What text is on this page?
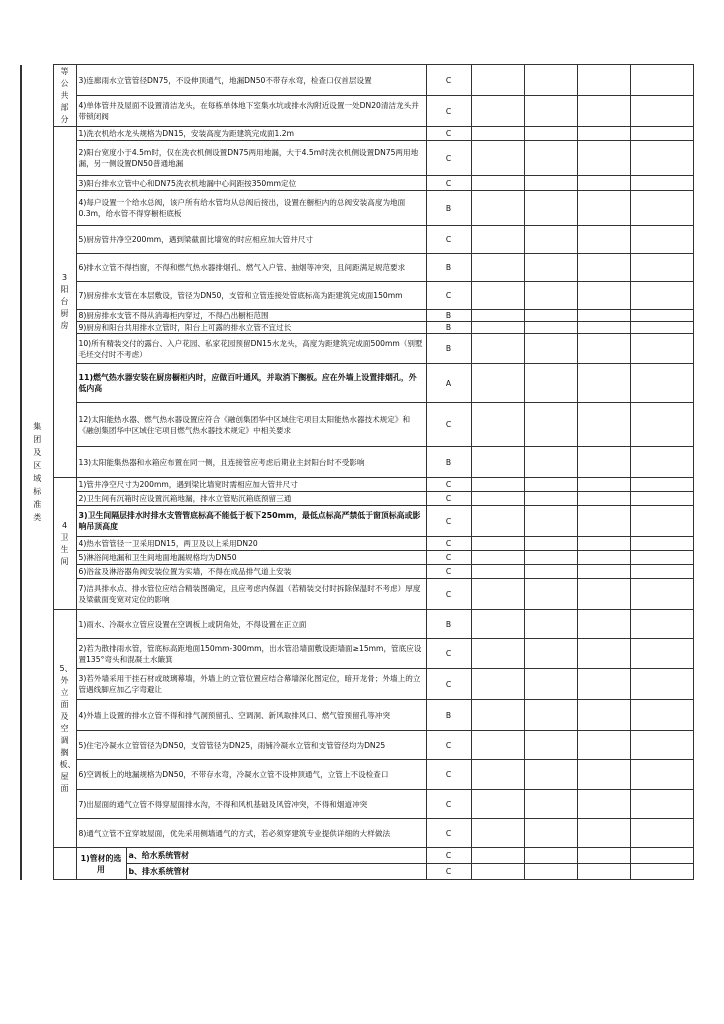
集团及区域标准类	等公共部分	3)连廊雨水立管管径DN75，不设伸顶通气，地漏DN50不带存水弯，检查口仅首层设置		C				
		4)单体管井及屋面不设置清洁龙头，在每栋单体地下室集水坑或排水沟附近设置一处DN20清洁龙头并带锁闭阀		C				

	3阳台厨房	1)洗衣机给水龙头规格为DN15，安装高度为距建筑完成面1.2m		C				
		2)阳台宽度小于4.5m时，仅在洗衣机侧设置DN75两用地漏，大于4.5m时洗衣机侧设置DN75两用地漏，另一侧设置DN50普通地漏		C				
		3)阳台排水立管中心和DN75洗衣机地漏中心间距按350mm定位		C				
		4)每户设置一个给水总阀，该户所有给水管均从总阀后接出，设置在橱柜内的总阀安装高度为地面0.3m，给水管不得穿橱柜底板		B				
		5)厨房管井净空200mm，遇到梁截面比墙宽的时应相应加大管井尺寸		C				
		6)排水立管不得挡窗，不得和燃气热水器排烟孔、燃气入户管、抽烟等冲突，且间距满足规范要求		B				
		7)厨房排水支管在本层敷设，管径为DN50，支管和立管连接处管底标高为距建筑完成面150mm		C				
		8)厨房排水支管不得从消毒柜内穿过，不得凸出橱柜范围		B				
		9)厨房和阳台共用排水立管时，阳台上可露的排水立管不宜过长		B				
		10)所有精装交付的露台、入户花园、私家花园预留DN15水龙头，高度为距建筑完成面500mm（别墅毛坯交付时不考虑）		B				
		11)燃气热水器安装在厨房橱柜内时，应做百叶通风，并取消下搁板。应在外墙上设置排烟孔，外低内高		A				
		12)太阳能热水器、燃气热水器设置应符合《融创集团华中区域住宅项目太阳能热水器技术规定》和《融创集团华中区域住宅项目燃气热水器技术规定》中相关要求		C				
		13)太阳能集热器和水箱应布置在同一侧，且连接管应考虑后期业主封阳台时不受影响		B				

	4卫生间	1)管井净空尺寸为200mm，遇到梁比墙宽时需相应加大管井尺寸		C				
		2)卫生间有沉箱时应设置沉箱地漏，排水立管贴沉箱底预留三通		C				
		3)卫生间隔层排水时排水支管管底标高不能低于板下250mm，最低点标高严禁低于窗顶标高或影响吊顶高度		C				
		4)热水管管径一卫采用DN15，两卫及以上采用DN20		C				
		5)淋浴间地漏和卫生间地面地漏规格均为DN50		C				
		6)浴盆及淋浴器角阀安装位置为实墙，不得在成品排气道上安装		C				
		7)洁具排水点、排水管位应结合精装图确定，且应考虑内保温（若精装交付时拆除保温时不考虑）厚度及梁截面变宽对定位的影响		C				

	5、外立面及空调搁板、屋面	1)雨水、冷凝水立管应设置在空调板上或阴角处，不得设置在正立面		B				
		2)若为散排雨水管，管底标高距地面150mm-300mm，出水管沿墙面敷设距墙面≥15mm，管底应设置135°弯头和混凝土水簸箕		C				
		3)若外墙采用干挂石材或玻璃幕墙，外墙上的立管位置应结合幕墙深化图定位，暗开龙骨；外墙上的立管遇线脚应加乙字弯避让		C				
		4)外墙上设置的排水立管不得和排气洞预留孔、空调洞、新风取排风口、燃气管预留孔等冲突		B				
		5)住宅冷凝水立管管径为DN50，支管管径为DN25，雨铺冷凝水立管和支管管径均为DN25		C				
		6)空调板上的地漏规格为DN50，不带存水弯，冷凝水立管不设伸顶通气，立管上不设检查口		C				
		7)出屋面的通气立管不得穿屋面排水沟，不得和风机基础及风管冲突，不得和烟道冲突		C				
		8)通气立管不宜穿坡屋面，优先采用侧墙通气的方式，若必须穿建筑专业提供详细的大样做法		C				
		1)管材的选用	a、给水系统管材	C				
			b、排水系统管材	C				
